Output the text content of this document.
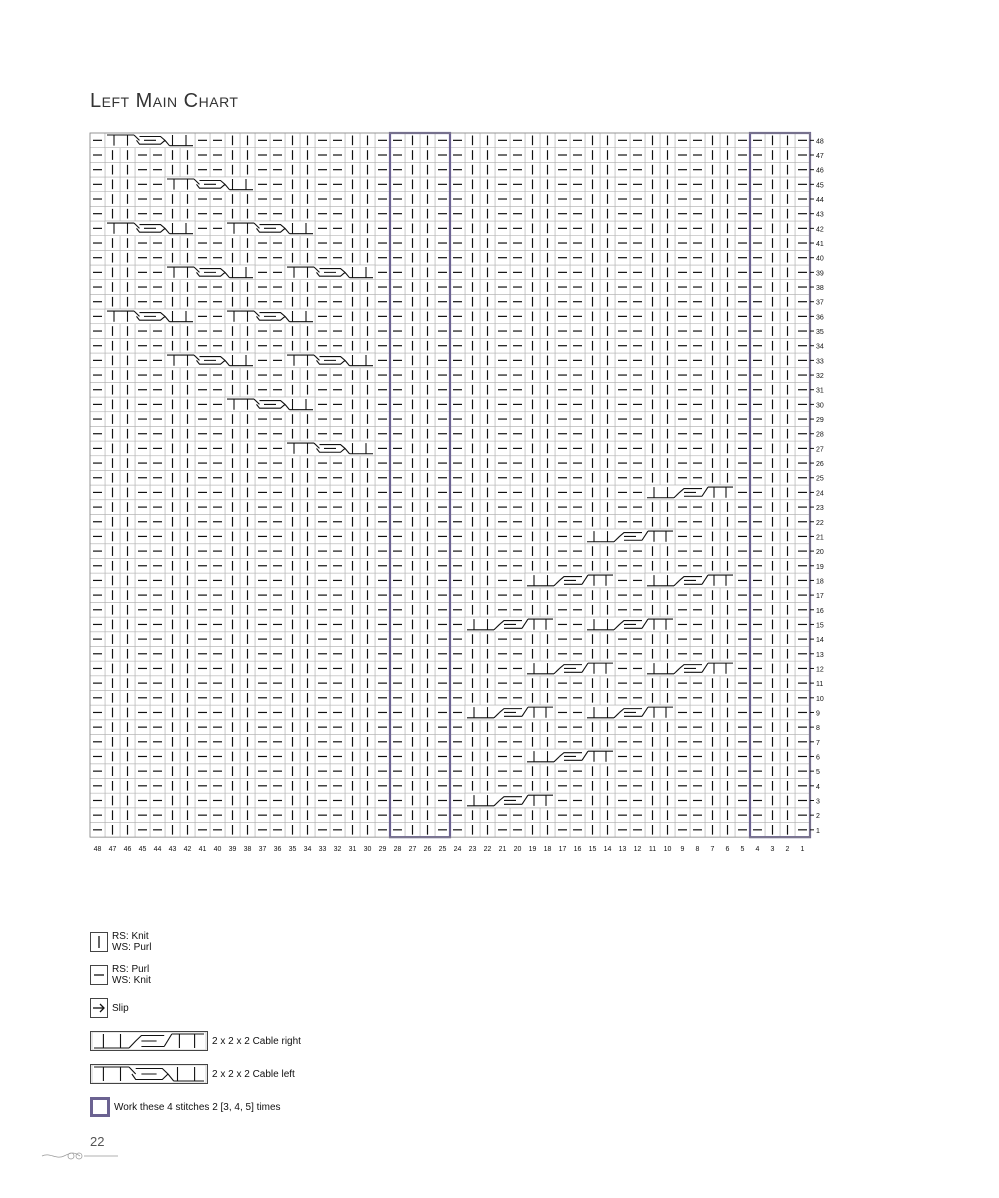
Left Main Chart
48
47
46
45
44
43
42
41
40
39
38
37
36
35
34
33
32
31
30
29
28
27
26
25
24
23
22
21
20
19
18
17
16
15
14
13
12
11
10
9
8
7
6
5
4
3
2
1
48 47 46 45 44 43 42 41 40 39 38 37 36 35 34 33 32 31 30 29 28 27 26 25 24 23 22 21 20 19 18 17 16 15 14 13 12 11 10 9 8 7 6 5 4 3 2 1
RS: Knit
WS: Purl
RS: Purl
WS: Knit
Slip
2 x 2 x 2 Cable right
2 x 2 x 2 Cable left
Work these 4 stitches 2 [3, 4, 5] times
22
